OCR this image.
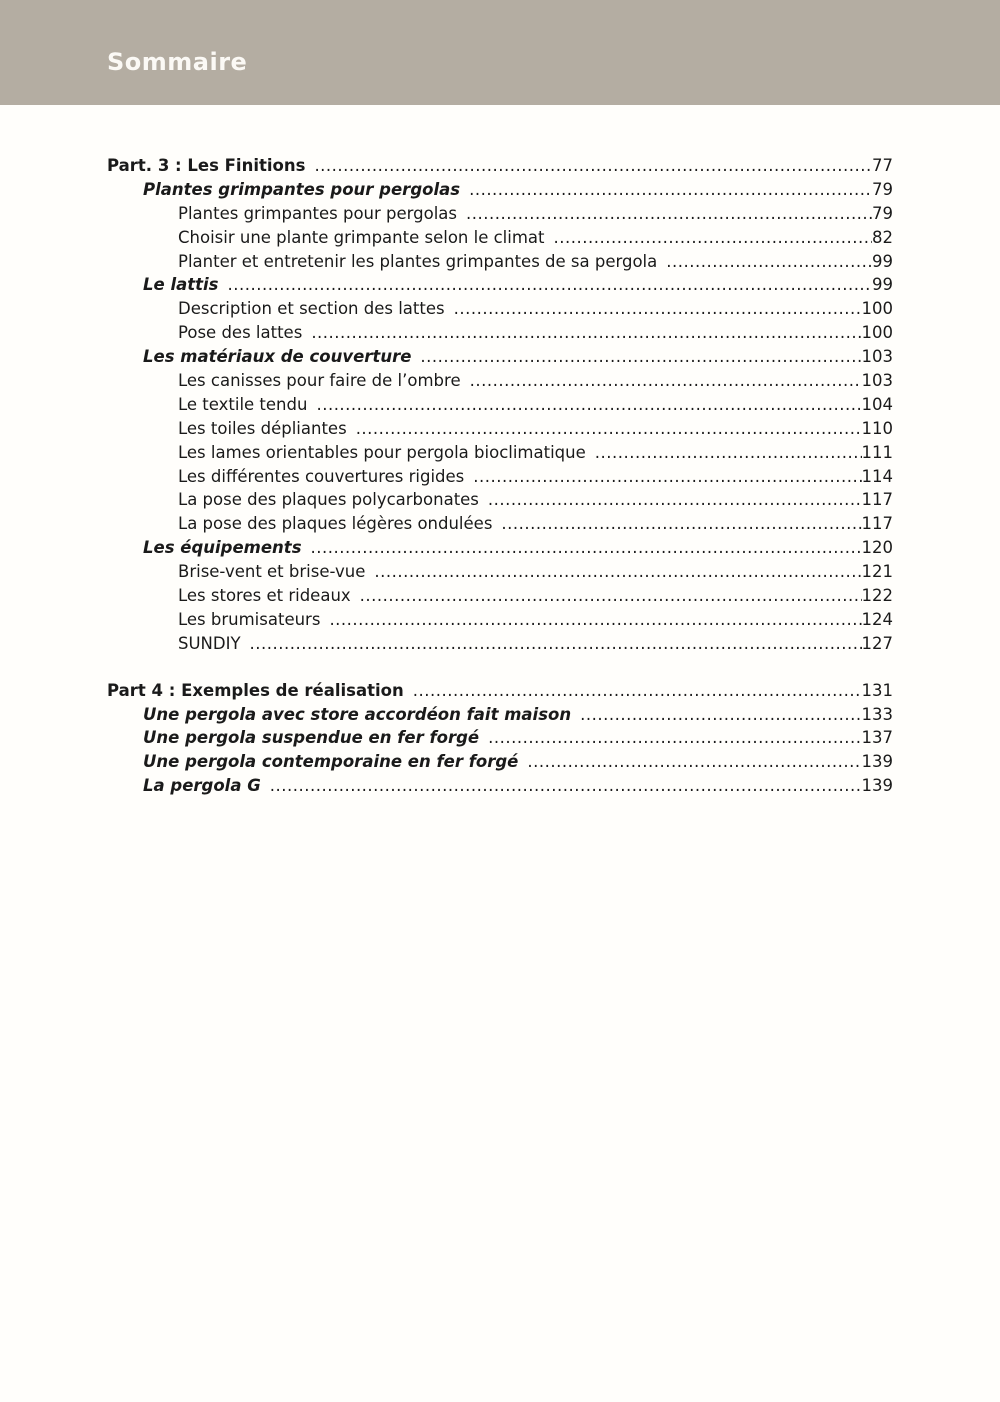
Sommaire
Part. 3 : Les Finitions .....	77
Plantes grimpantes pour pergolas .....	79
Plantes grimpantes pour pergolas .....	79
Choisir une plante grimpante selon le climat .....	82
Planter et entretenir les plantes grimpantes de sa pergola .....	99
Le lattis .....	99
Description et section des lattes .....	100
Pose des lattes .....	100
Les matériaux de couverture .....	103
Les canisses pour faire de l’ombre .....	103
Le textile tendu .....	104
Les toiles dépliantes .....	110
Les lames orientables pour pergola bioclimatique .....	111
Les différentes couvertures rigides .....	114
La pose des plaques polycarbonates .....	117
La pose des plaques légères ondulées .....	117
Les équipements .....	120
Brise-vent et brise-vue .....	121
Les stores et rideaux .....	122
Les brumisateurs .....	124
SUNDIY .....	127
Part 4 : Exemples de réalisation .....	131
Une pergola avec store accordéon fait maison .....	133
Une pergola suspendue en fer forgé .....	137
Une pergola contemporaine en fer forgé .....	139
La pergola G .....	139
